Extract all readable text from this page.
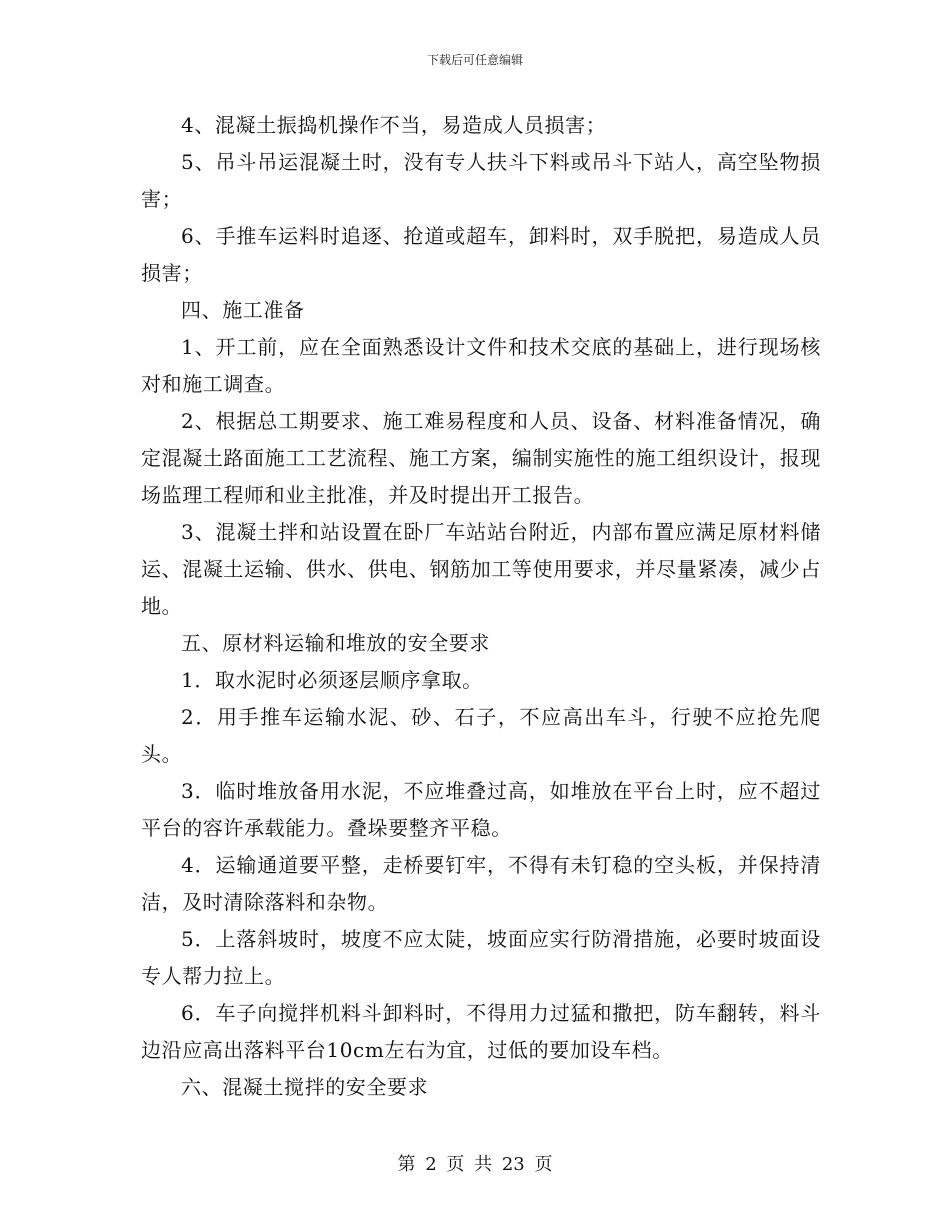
下载后可任意编辑

4、混凝土振捣机操作不当，易造成人员损害；

5、吊斗吊运混凝土时，没有专人扶斗下料或吊斗下站人，高空坠物损害；

6、手推车运料时追逐、抢道或超车，卸料时，双手脱把，易造成人员损害；

四、施工准备

1、开工前，应在全面熟悉设计文件和技术交底的基础上，进行现场核对和施工调查。

2、根据总工期要求、施工难易程度和人员、设备、材料准备情况，确定混凝土路面施工工艺流程、施工方案，编制实施性的施工组织设计，报现场监理工程师和业主批准，并及时提出开工报告。

3、混凝土拌和站设置在卧厂车站站台附近，内部布置应满足原材料储运、混凝土运输、供水、供电、钢筋加工等使用要求，并尽量紧凑，减少占地。

五、原材料运输和堆放的安全要求

1．取水泥时必须逐层顺序拿取。

2．用手推车运输水泥、砂、石子，不应高出车斗，行驶不应抢先爬头。

3．临时堆放备用水泥，不应堆叠过高，如堆放在平台上时，应不超过平台的容许承载能力。叠垛要整齐平稳。

4．运输通道要平整，走桥要钉牢，不得有未钉稳的空头板，并保持清洁，及时清除落料和杂物。

5．上落斜坡时，坡度不应太陡，坡面应实行防滑措施，必要时坡面设专人帮力拉上。

6．车子向搅拌机料斗卸料时，不得用力过猛和撒把，防车翻转，料斗边沿应高出落料平台10cm左右为宜，过低的要加设车档。

六、混凝土搅拌的安全要求

第 2 页 共 23 页
